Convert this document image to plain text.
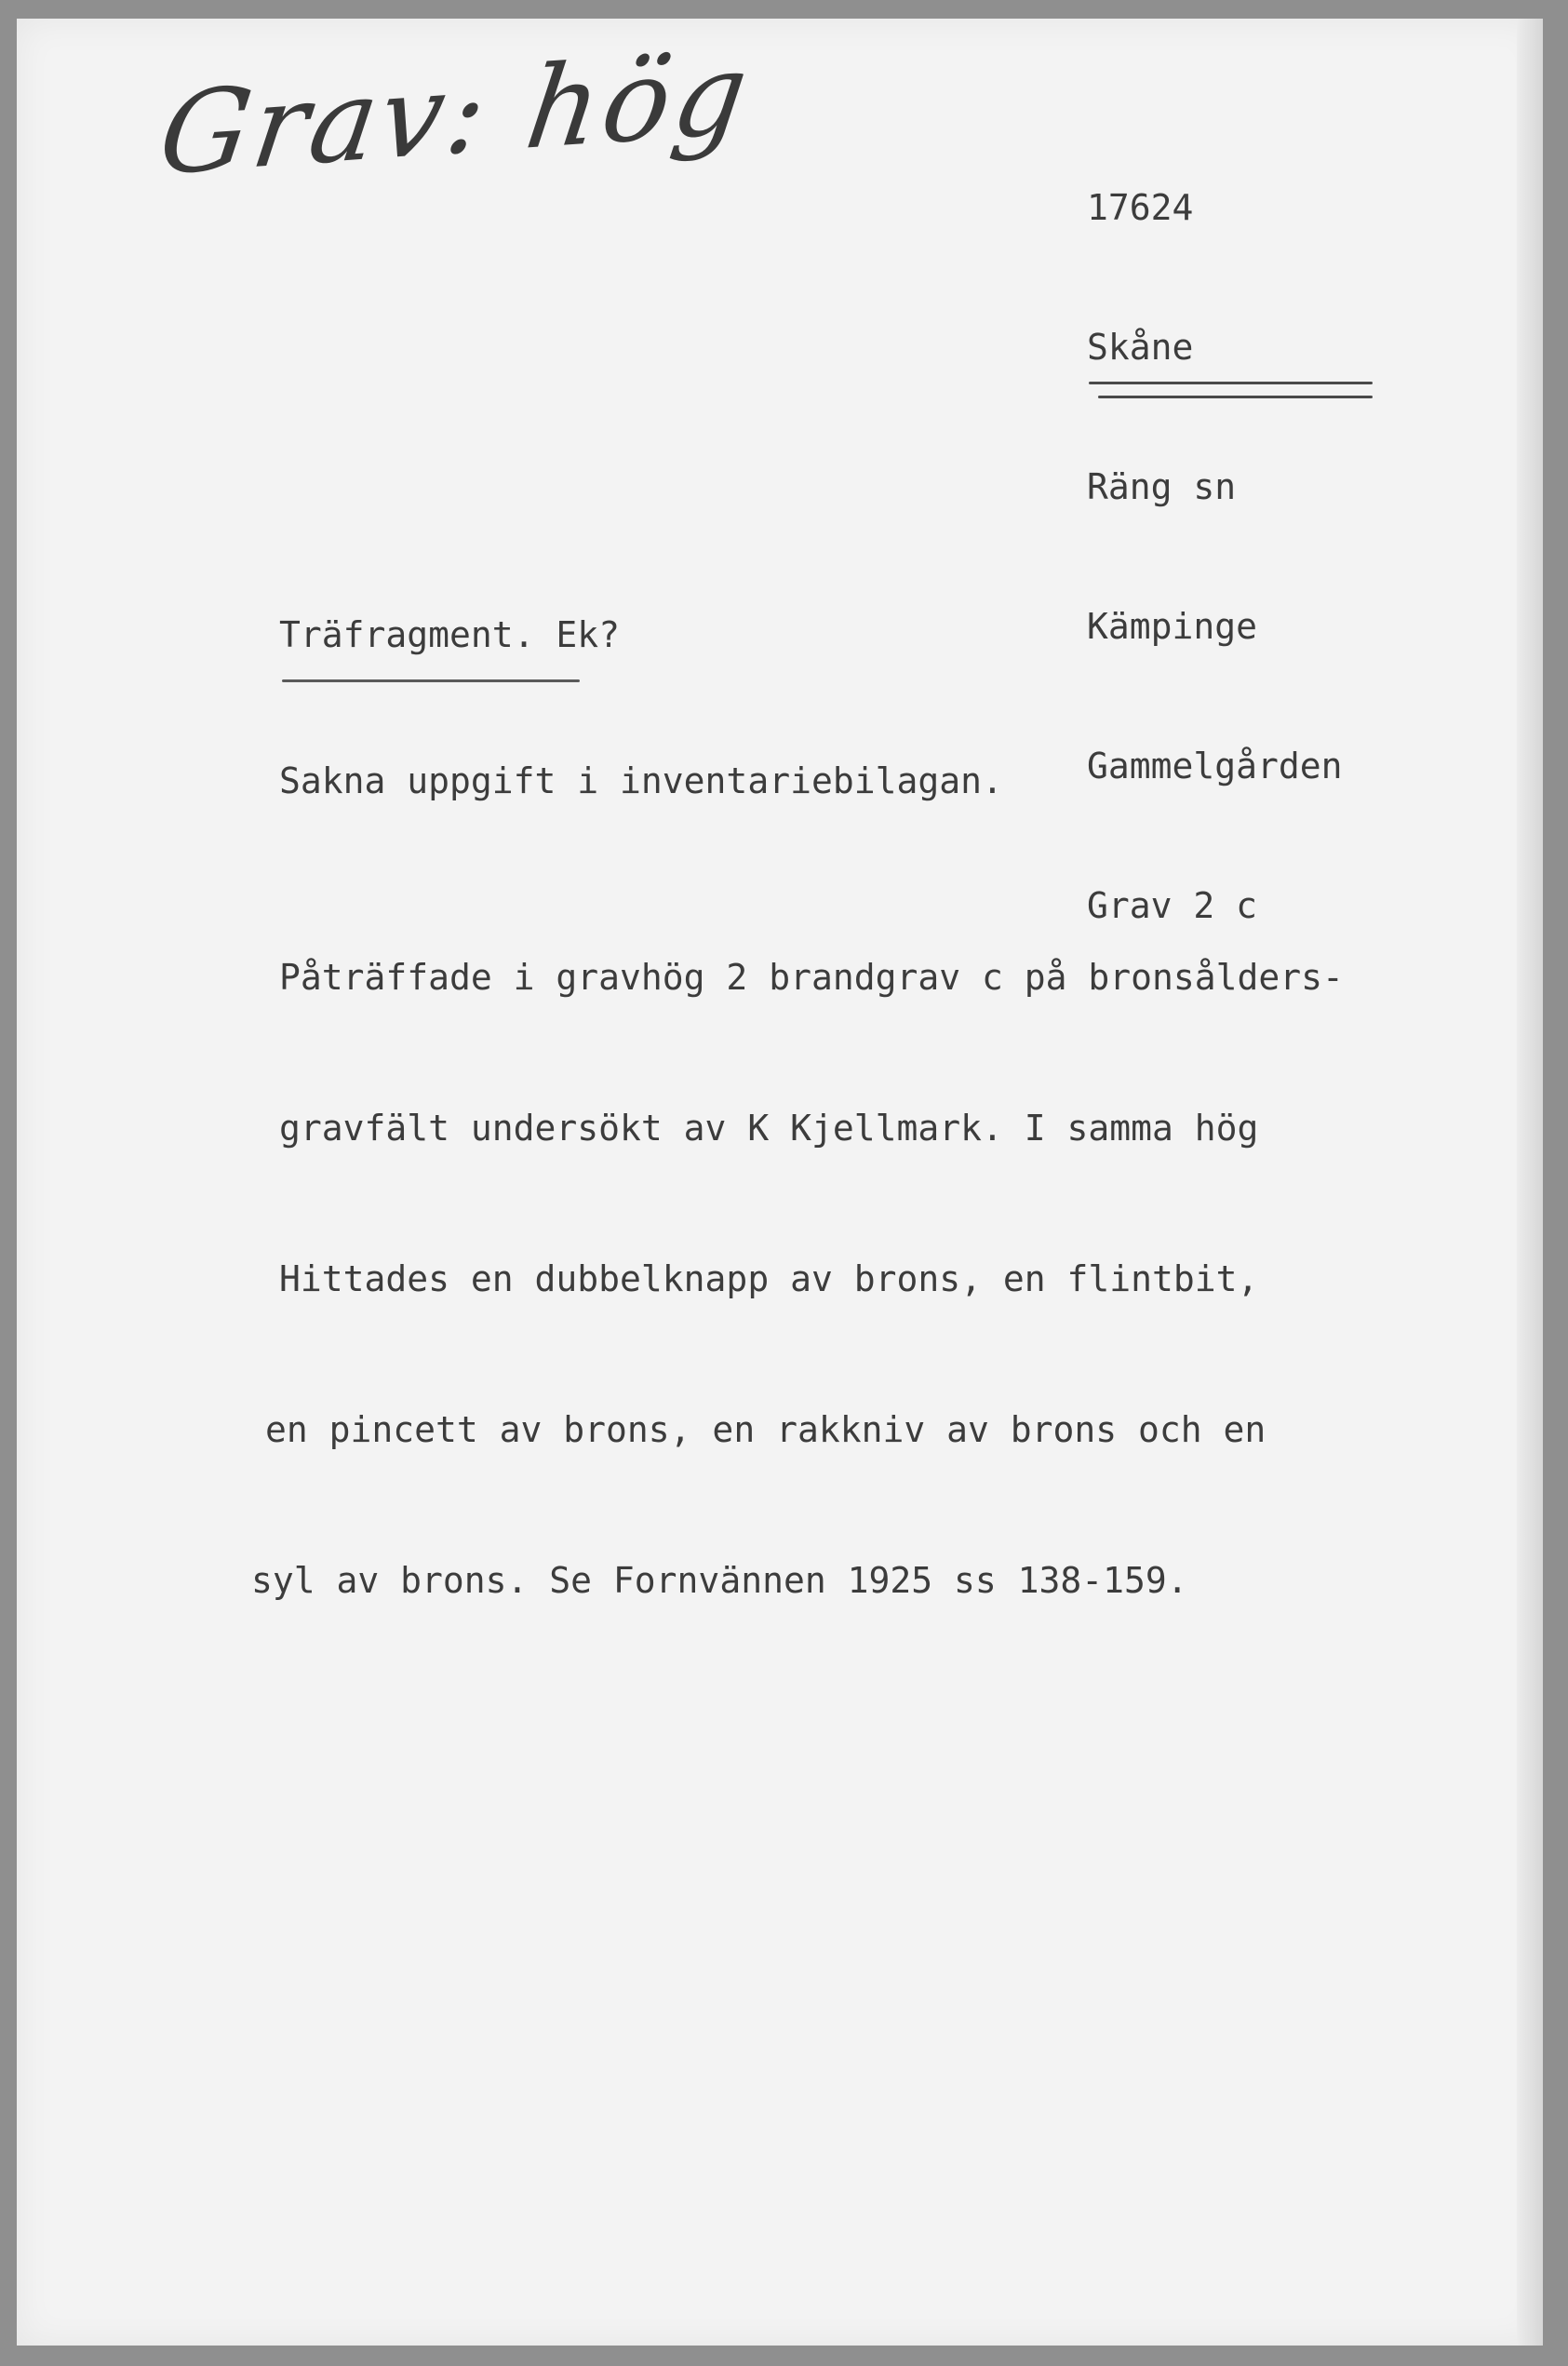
Grav: hög

17624

Skåne

Räng sn

Kämpinge

Gammelgården

Grav 2 c

Träfragment. Ek?
Sakna uppgift i inventariebilagan.

Påträffade i gravhög 2 brandgrav c på bronsålders-

gravfält undersökt av K Kjellmark. I samma hög

Hittades en dubbelknapp av brons, en flintbit,

en pincett av brons, en rakkniv av brons och en

syl av brons. Se Fornvännen 1925 ss 138-159.
